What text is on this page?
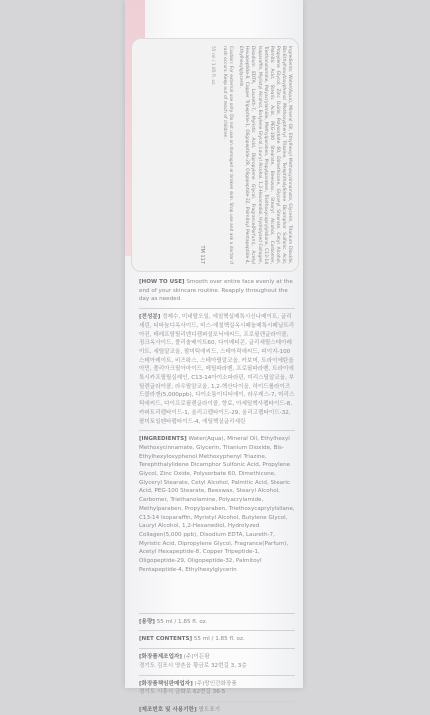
Ingredients: Water(Aqua), Mineral Oil, Ethylhexyl Methoxycinnamate, Glycerin, Titanium Dioxide, Bis-Ethylhexyloxyphenol Methoxyphenyl Triazine, Terephthalylidene Dicamphor Sulfonic Acid, Propylene Glycol, Zinc Oxide, Polysorbate 60, Dimethicone, Glyceryl Stearate, Cetyl Alcohol, Palmitic Acid, Stearic Acid, PEG-100 Stearate, Beeswax, Stearyl Alcohol, Carbomer, Triethanolamine, Polyacrylamide, Methylparaben, Propylparaben, Triethoxycaprylylsilane, C13-14 Isoparaffin, Myristyl Alcohol, Butylene Glycol, Lauryl Alcohol, 1,2-Hexanediol, Hydrolyzed Collagen, Disodium EDTA, Laureth-7, Myristic Acid, Dipropylene Glycol, Fragrance(Parfum), Acetyl Hexapeptide-8, Copper Tripeptide-1, Oligopeptide-29, Oligopeptide-32, Palmitoyl Pentapeptide-4, Ethylhexylglycerin.

Caution: For external use only. Do not use on damaged or broken skin. Stop use and ask a doctor if rash occurs. Keep out of reach of children.

55 ml / 1.85 fl. oz.
TM 117
[HOW TO USE] Smooth over entire face evenly at the end of your skincare routine. Reapply throughout the day as needed.
[전성분] 정제수, 미네랄오일, 에칠헥실메톡시신나메이트, 글리세린, 티타늄디옥사이드, 비스-에칠헥실옥시페놀메톡시페닐트리아진, 테레프탈릴리덴디캠퍼설포닉애씨드, 프로필렌글라이콜, 징크옥사이드, 폴리솔베이트60, 다이메티콘, 글리세릴스테아레이트, 세틸알코올, 팔미틱애씨드, 스테아릭애씨드, 피이지-100스테아레이트, 비즈왁스, 스테아릴알코올, 카보머, 트라이에탄올아민, 폴리아크릴아마이드, 메틸파라벤, 프로필파라벤, 트라이에톡시카프릴릴실레인, C13-14아이소파라핀, 미리스틸알코올, 부틸렌글라이콜, 라우릴알코올, 1,2-헥산다이올, 하이드롤라이즈드콜라겐(5,000ppb), 다이소듐이디티에이, 라우레스-7, 미리스틱애씨드, 다이프로필렌글라이콜, 향료, 아세틸헥사펩타이드-8, 카퍼트리펩타이드-1, 올리고펩타이드-29, 올리고펩타이드-32, 팔미토일펜타펩타이드-4, 에틸헥실글리세린
[INGREDIENTS] Water(Aqua), Mineral Oil, Ethylhexyl Methoxycinnamate, Glycerin, Titanium Dioxide, Bis-Ethylhexyloxyphenol Methoxyphenyl Triazine, Terephthalylidene Dicamphor Sulfonic Acid, Propylene Glycol, Zinc Oxide, Polysorbate 60, Dimethicone, Glyceryl Stearate, Cetyl Alcohol, Palmitic Acid, Stearic Acid, PEG-100 Stearate, Beeswax, Stearyl Alcohol, Carbomer, Triethanolamine, Polyacrylamide, Methylparaben, Propylparaben, Triethoxycaprylylsilane, C13-14 Isoparaffin, Myristyl Alcohol, Butylene Glycol, Lauryl Alcohol, 1,2-Hexanediol, Hydrolyzed Collagen(5,000 ppb), Disodium EDTA, Laureth-7, Myristic Acid, Dipropylene Glycol, Fragrance(Parfum), Acetyl Hexapeptide-8, Copper Tripeptide-1, Oligopeptide-29, Oligopeptide-32, Palmitoyl Pentapeptide-4, Ethylhexylglycerin
[용량] 55 ml / 1.85 fl. oz.
[NET CONTENTS] 55 ml / 1.85 fl. oz.
[화장품제조업자] (주)이든팜
경기도 김포시 양촌읍 황금로 32번길 3, 3층
[화장품책임판매업자] (주)랑인간화장품
경기도 시흥시 금화로 62번길 36-5
[제조번호 및 사용기한] 별도표기
